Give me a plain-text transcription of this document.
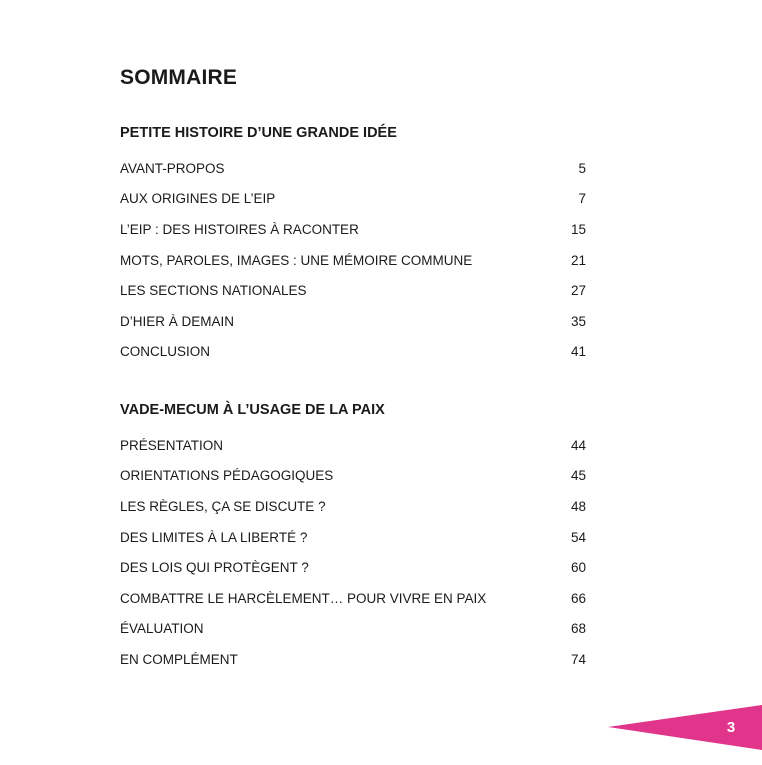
SOMMAIRE
PETITE HISTOIRE D’UNE GRANDE IDÉE
AVANT-PROPOS	5
AUX ORIGINES DE L’EIP	7
L’EIP : DES HISTOIRES À RACONTER	15
MOTS, PAROLES, IMAGES : UNE MÉMOIRE COMMUNE	21
LES SECTIONS NATIONALES	27
D’HIER À DEMAIN	35
CONCLUSION	41
VADE-MECUM À L’USAGE DE LA PAIX
PRÉSENTATION	44
ORIENTATIONS PÉDAGOGIQUES	45
LES RÈGLES, ÇA SE DISCUTE ?	48
DES LIMITES À LA LIBERTÉ ?	54
DES LOIS QUI PROTÈGENT ?	60
COMBATTRE LE HARCÈLEMENT… POUR VIVRE EN PAIX	66
ÉVALUATION	68
EN COMPLÉMENT	74
3
